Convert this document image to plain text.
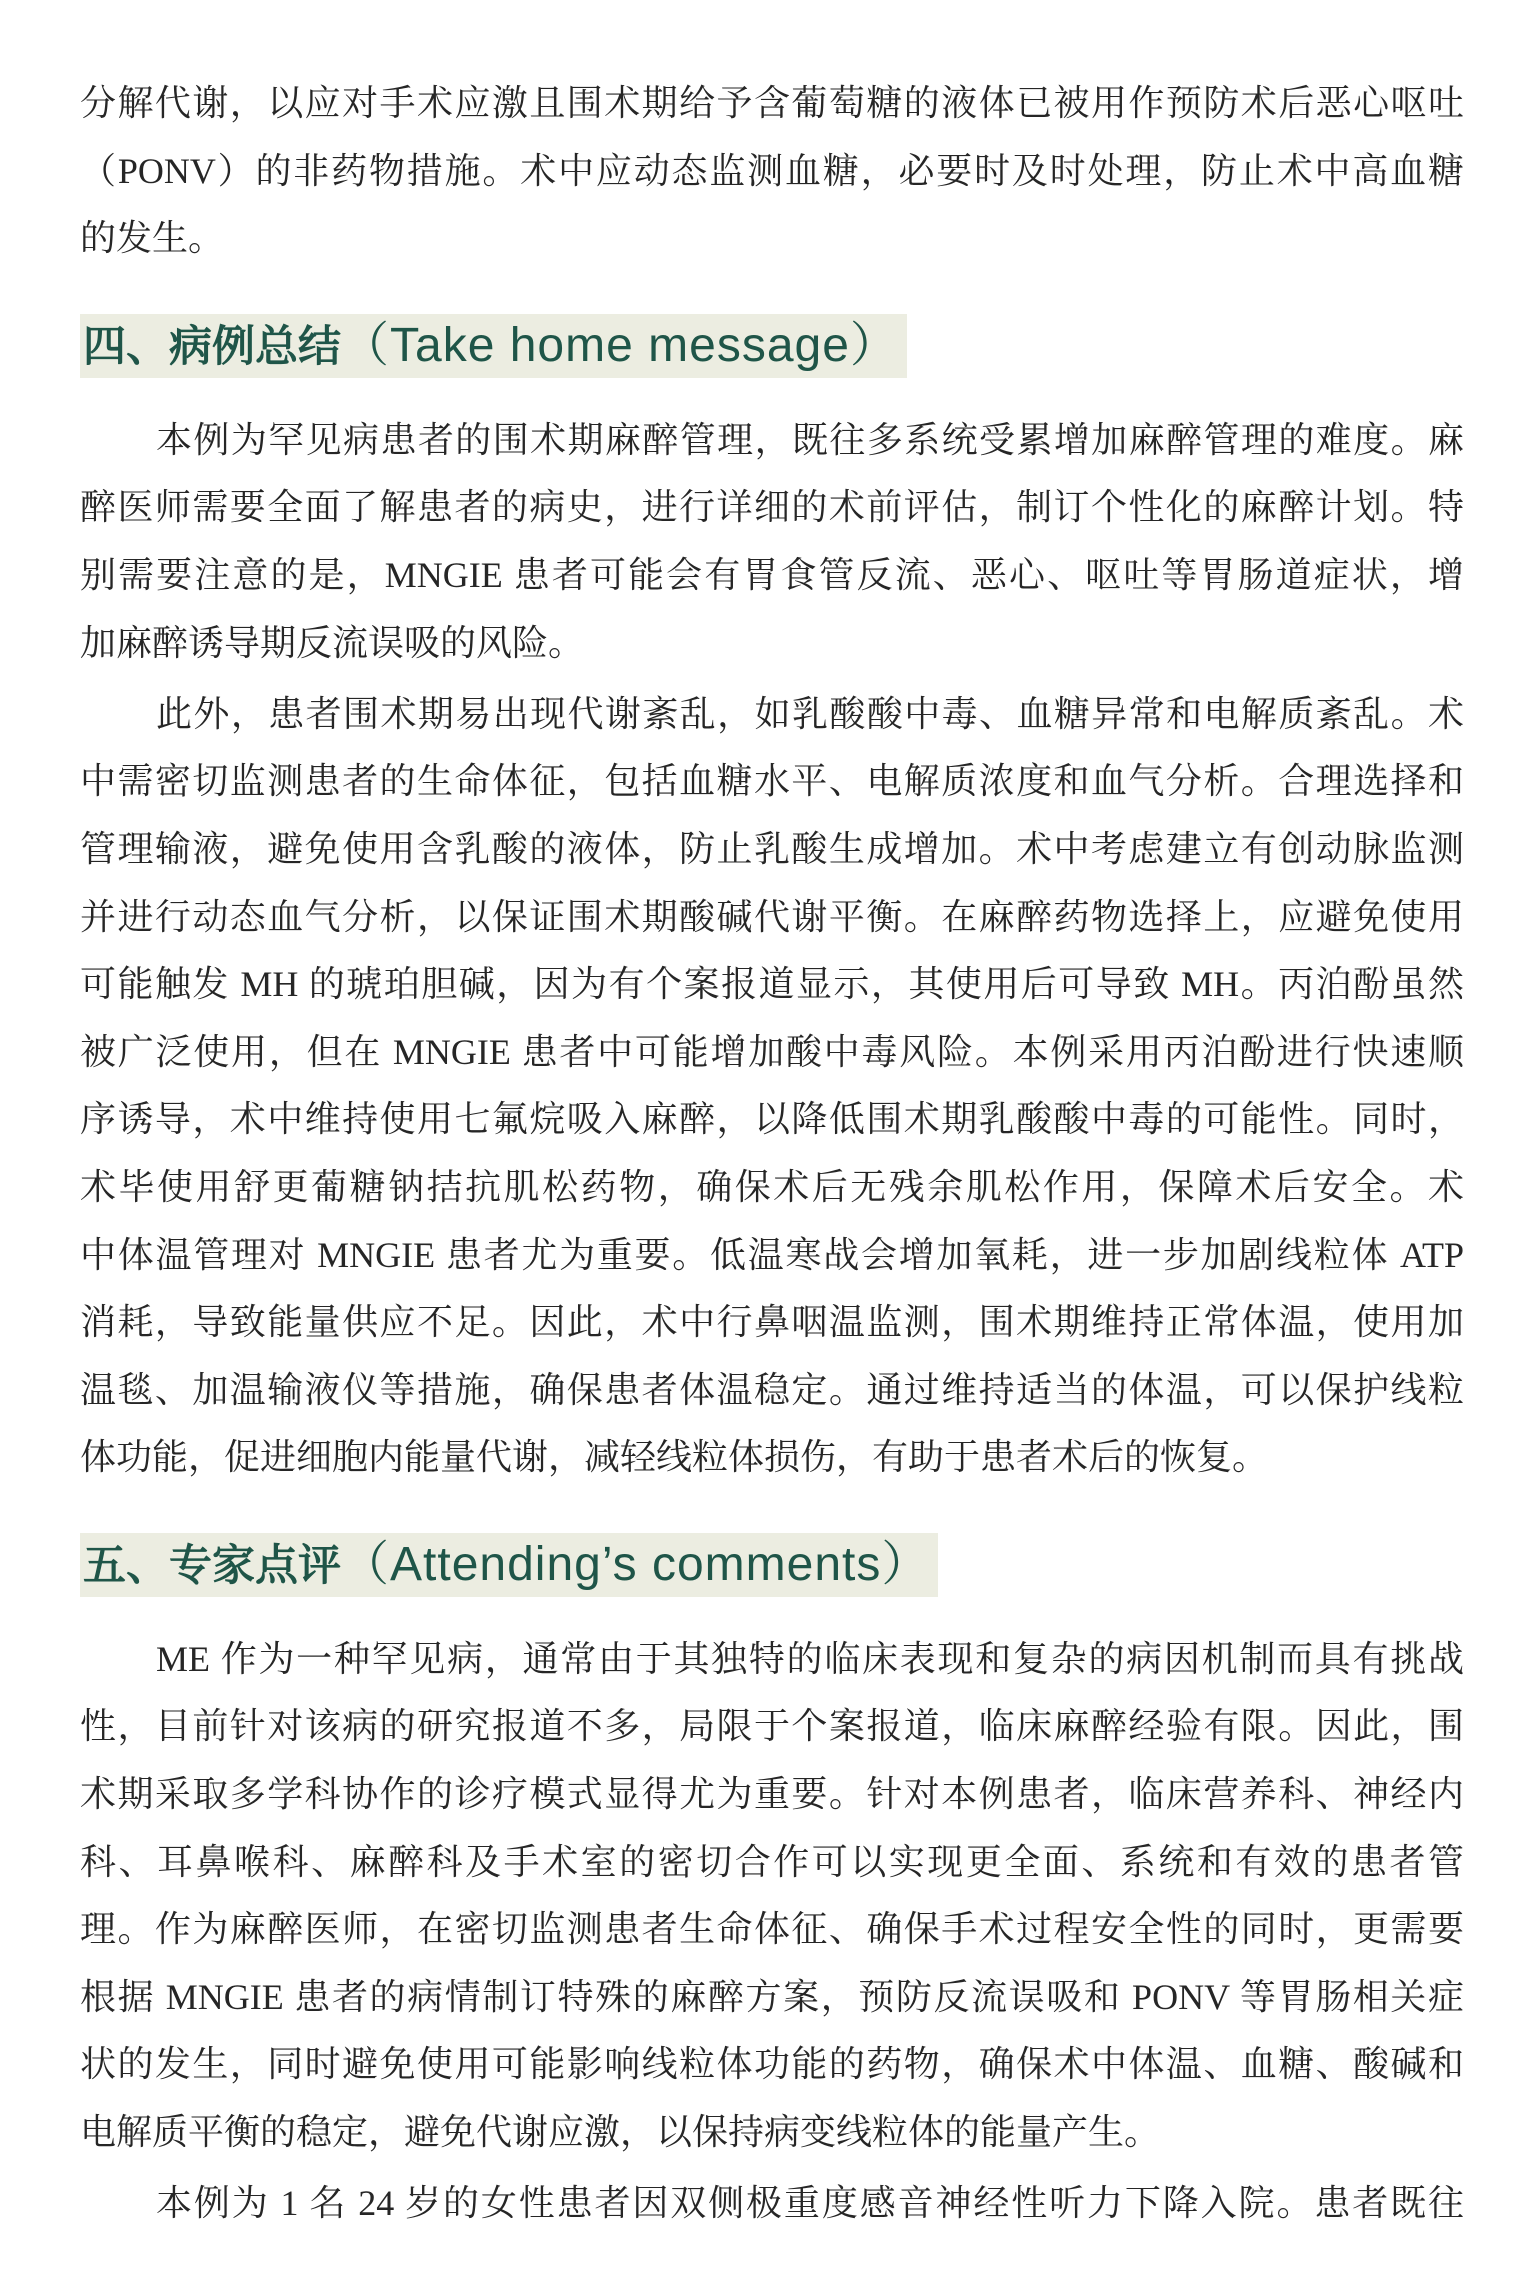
分解代谢，以应对手术应激且围术期给予含葡萄糖的液体已被用作预防术后恶心呕吐
（PONV）的非药物措施。术中应动态监测血糖，必要时及时处理，防止术中高血糖
的发生。
四、病例总结（Take home message）
本例为罕见病患者的围术期麻醉管理，既往多系统受累增加麻醉管理的难度。麻
醉医师需要全面了解患者的病史，进行详细的术前评估，制订个性化的麻醉计划。特
别需要注意的是，MNGIE 患者可能会有胃食管反流、恶心、呕吐等胃肠道症状，增
加麻醉诱导期反流误吸的风险。
此外，患者围术期易出现代谢紊乱，如乳酸酸中毒、血糖异常和电解质紊乱。术
中需密切监测患者的生命体征，包括血糖水平、电解质浓度和血气分析。合理选择和
管理输液，避免使用含乳酸的液体，防止乳酸生成增加。术中考虑建立有创动脉监测
并进行动态血气分析，以保证围术期酸碱代谢平衡。在麻醉药物选择上，应避免使用
可能触发 MH 的琥珀胆碱，因为有个案报道显示，其使用后可导致 MH。丙泊酚虽然
被广泛使用，但在 MNGIE 患者中可能增加酸中毒风险。本例采用丙泊酚进行快速顺
序诱导，术中维持使用七氟烷吸入麻醉，以降低围术期乳酸酸中毒的可能性。同时，
术毕使用舒更葡糖钠拮抗肌松药物，确保术后无残余肌松作用，保障术后安全。术
中体温管理对 MNGIE 患者尤为重要。低温寒战会增加氧耗，进一步加剧线粒体 ATP
消耗，导致能量供应不足。因此，术中行鼻咽温监测，围术期维持正常体温，使用加
温毯、加温输液仪等措施，确保患者体温稳定。通过维持适当的体温，可以保护线粒
体功能，促进细胞内能量代谢，减轻线粒体损伤，有助于患者术后的恢复。
五、专家点评（Attending’s comments）
ME 作为一种罕见病，通常由于其独特的临床表现和复杂的病因机制而具有挑战
性，目前针对该病的研究报道不多，局限于个案报道，临床麻醉经验有限。因此，围
术期采取多学科协作的诊疗模式显得尤为重要。针对本例患者，临床营养科、神经内
科、耳鼻喉科、麻醉科及手术室的密切合作可以实现更全面、系统和有效的患者管
理。作为麻醉医师，在密切监测患者生命体征、确保手术过程安全性的同时，更需要
根据 MNGIE 患者的病情制订特殊的麻醉方案，预防反流误吸和 PONV 等胃肠相关症
状的发生，同时避免使用可能影响线粒体功能的药物，确保术中体温、血糖、酸碱和
电解质平衡的稳定，避免代谢应激，以保持病变线粒体的能量产生。
本例为 1 名 24 岁的女性患者因双侧极重度感音神经性听力下降入院。患者既往
